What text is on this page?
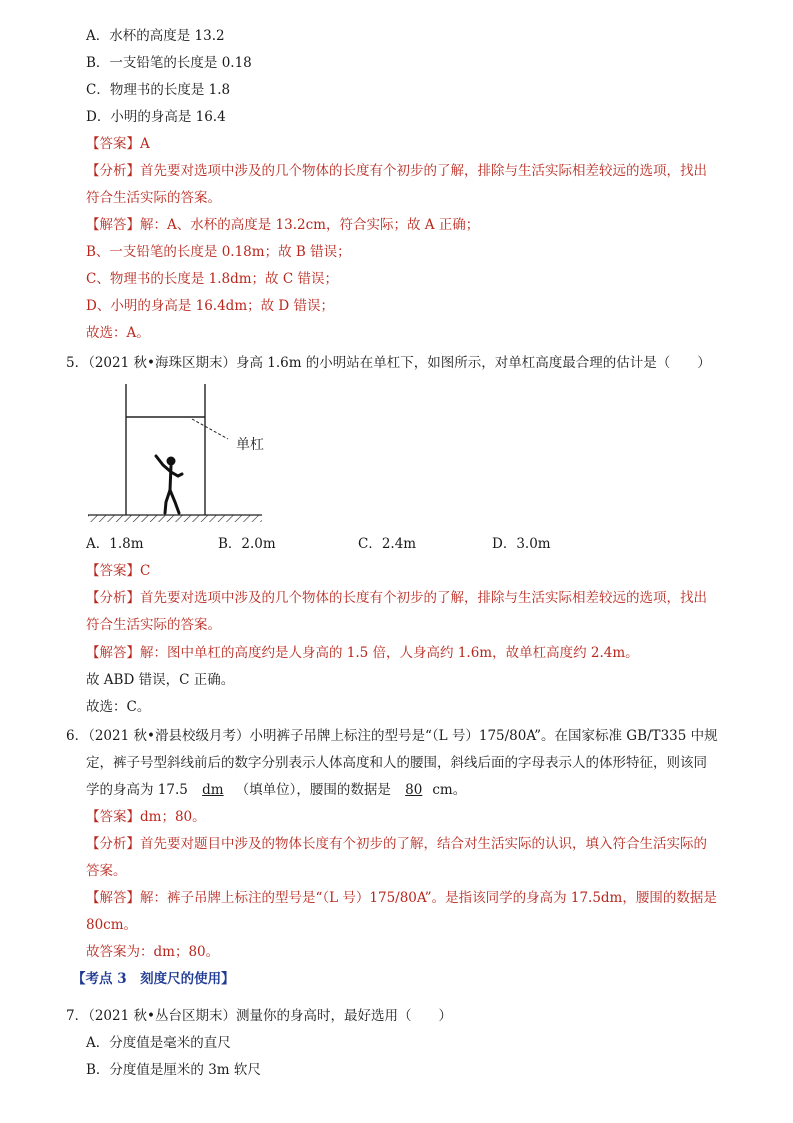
A．水杯的高度是 13.2
B．一支铅笔的长度是 0.18
C．物理书的长度是 1.8
D．小明的身高是 16.4
【答案】A
【分析】首先要对选项中涉及的几个物体的长度有个初步的了解，排除与生活实际相差较远的选项，找出
符合生活实际的答案。
【解答】解：A、水杯的高度是 13.2cm，符合实际；故 A 正确；
B、一支铅笔的长度是 0.18m；故 B 错误；
C、物理书的长度是 1.8dm；故 C 错误；
D、小明的身高是 16.4dm；故 D 错误；
故选：A。
5．（2021 秋•海珠区期末）身高 1.6m 的小明站在单杠下，如图所示，对单杠高度最合理的估计是（　　）
单杠
A．1.8m	B．2.0m	C．2.4m	D．3.0m
【答案】C
【分析】首先要对选项中涉及的几个物体的长度有个初步的了解，排除与生活实际相差较远的选项，找出
符合生活实际的答案。
【解答】解：图中单杠的高度约是人身高的 1.5 倍，人身高约 1.6m，故单杠高度约 2.4m。
故 ABD 错误，C 正确。
故选：C。
6．（2021 秋•滑县校级月考）小明裤子吊牌上标注的型号是“（L 号）175/80A”。在国家标准 GB/T335 中规
定，裤子号型斜线前后的数字分别表示人体高度和人的腰围，斜线后面的字母表示人的体形特征，则该同
学的身高为 17.5 dm （填单位），腰围的数据是 80 cm。
【答案】dm；80。
【分析】首先要对题目中涉及的物体长度有个初步的了解，结合对生活实际的认识，填入符合生活实际的
答案。
【解答】解：裤子吊牌上标注的型号是“（L 号）175/80A”。是指该同学的身高为 17.5dm，腰围的数据是
80cm。
故答案为：dm；80。
【考点 3　刻度尺的使用】
7．（2021 秋•丛台区期末）测量你的身高时，最好选用（　　）
A．分度值是毫米的直尺
B．分度值是厘米的 3m 软尺
